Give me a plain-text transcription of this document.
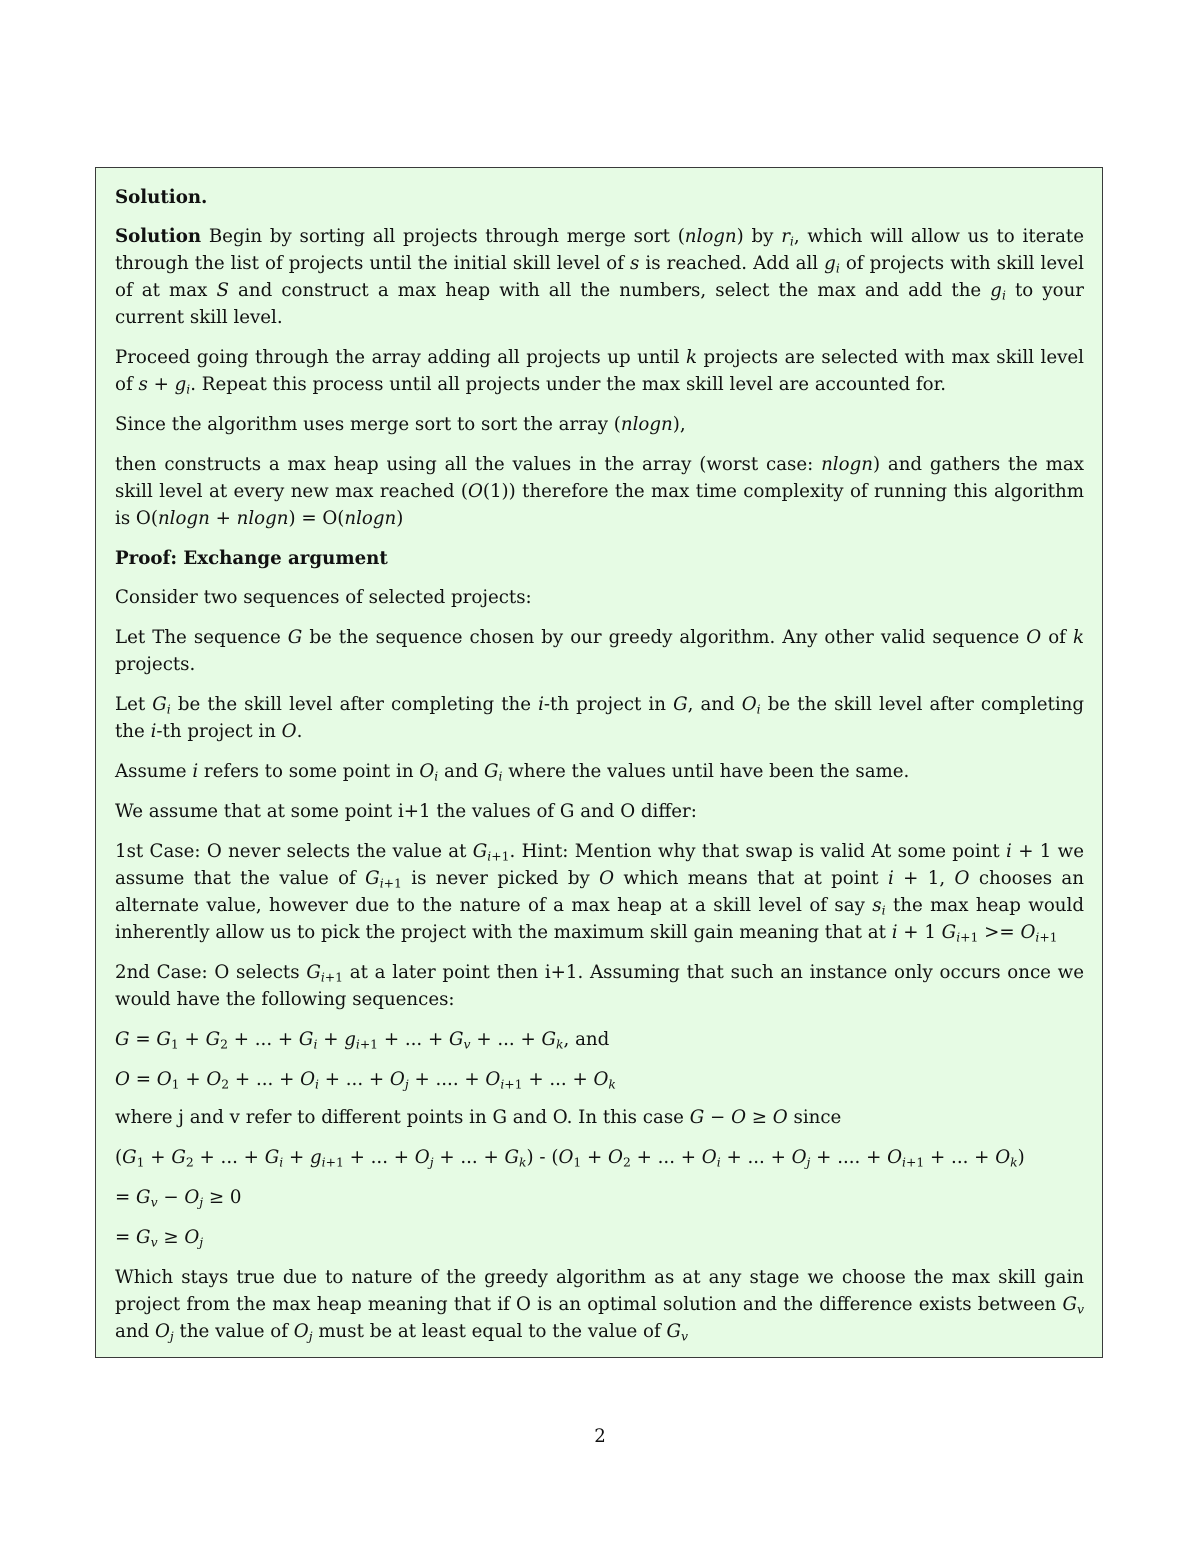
Solution.

Solution Begin by sorting all projects through merge sort (nlogn) by $r_i$, which will allow us to iterate through the list of projects until the initial skill level of s is reached. Add all $g_i$ of projects with skill level of at max S and construct a max heap with all the numbers, select the max and add the $g_i$ to your current skill level.

Proceed going through the array adding all projects up until k projects are selected with max skill level of $s + g_i$. Repeat this process until all projects under the max skill level are accounted for.

Since the algorithm uses merge sort to sort the array (nlogn),

then constructs a max heap using all the values in the array (worst case: nlogn) and gathers the max skill level at every new max reached (O(1)) therefore the max time complexity of running this algorithm is O(nlogn + nlogn) = O(nlogn)

Proof: Exchange argument

Consider two sequences of selected projects:

Let The sequence G be the sequence chosen by our greedy algorithm. Any other valid sequence O of k projects.

Let $G_i$ be the skill level after completing the i-th project in G, and $O_i$ be the skill level after completing the i-th project in O.

Assume i refers to some point in $O_i$ and $G_i$ where the values until have been the same.

We assume that at some point i+1 the values of G and O differ:

1st Case: O never selects the value at $G_{i+1}$. Hint: Mention why that swap is valid At some point i + 1 we assume that the value of $G_{i+1}$ is never picked by O which means that at point i + 1, O chooses an alternate value, however due to the nature of a max heap at a skill level of say $s_i$ the max heap would inherently allow us to pick the project with the maximum skill gain meaning that at i + 1 $G_{i+1} >= O_{i+1}$

2nd Case: O selects $G_{i+1}$ at a later point then i+1. Assuming that such an instance only occurs once we would have the following sequences:

$G = G_1 + G_2$ + ... + $G_i + g_{i+1}$ + ... + $G_v$ + ... + $G_k$, and

$O = O_1 + O_2$ + ... + $O_i$ + ... + $O_j$ + .... + $O_{i+1}$ + ... + $O_k$

where j and v refer to different points in G and O. In this case G − O ≥ O since

($G_1 + G_2$ + ... + $G_i + g_{i+1}$ + ... + $O_j$ + ... + $G_k) - (O_1 + O_2$ + ... + $O_i$ + ... + $O_j$ + .... + $O_{i+1}$ + ... + $O_k$)

= $G_v - O_j \ge 0$

= $G_v \ge O_j$

Which stays true due to nature of the greedy algorithm as at any stage we choose the max skill gain project from the max heap meaning that if O is an optimal solution and the difference exists between $G_v$ and $O_j$ the value of $O_j$ must be at least equal to the value of $G_v$

2
